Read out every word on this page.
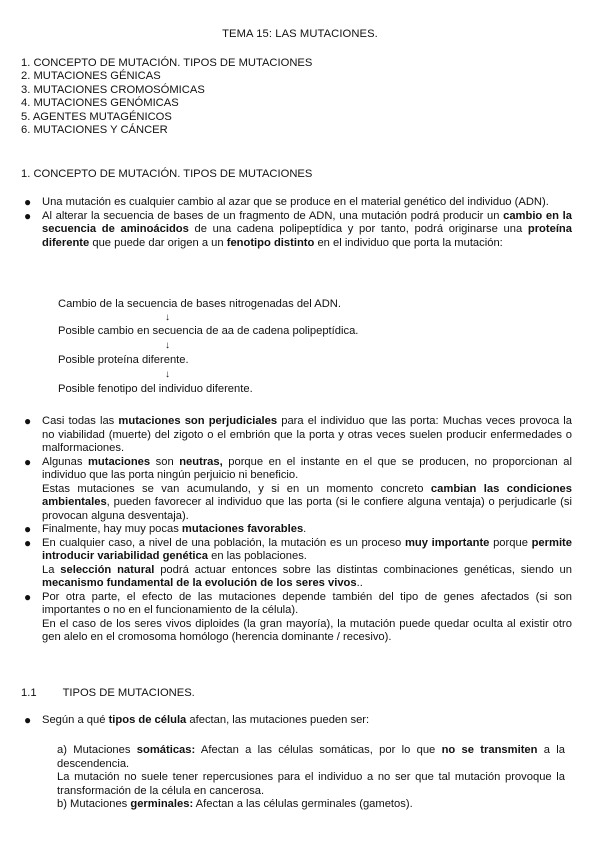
TEMA 15: LAS MUTACIONES.
1. CONCEPTO DE MUTACIÓN. TIPOS DE MUTACIONES
2. MUTACIONES GÉNICAS
3. MUTACIONES CROMOSÓMICAS
4. MUTACIONES GENÓMICAS
5. AGENTES MUTAGÉNICOS
6. MUTACIONES Y CÁNCER
1. CONCEPTO DE MUTACIÓN. TIPOS DE MUTACIONES
● Una mutación es cualquier cambio al azar que se produce en el material genético del individuo (ADN).

● Al alterar la secuencia de bases de un fragmento de ADN, una mutación podrá producir un cambio en la secuencia de aminoácidos de una cadena polipeptídica y por tanto, podrá originarse una proteína diferente que puede dar origen a un fenotipo distinto en el individuo que porta la mutación:

Cambio de la secuencia de bases nitrogenadas del ADN.
↓
Posible cambio en secuencia de aa de cadena polipeptídica.
↓
Posible proteína diferente.
↓
Posible fenotipo del individuo diferente.
● Casi todas las mutaciones son perjudiciales para el individuo que las porta: Muchas veces provoca la no viabilidad (muerte) del zigoto o el embrión que la porta y otras veces suelen producir enfermedades o malformaciones.

● Algunas mutaciones son neutras, porque en el instante en el que se producen, no proporcionan al individuo que las porta ningún perjuicio ni beneficio.

Estas mutaciones se van acumulando, y si en un momento concreto cambian las condiciones ambientales, pueden favorecer al individuo que las porta (si le confiere alguna ventaja) o perjudicarle (si provocan alguna desventaja).

● Finalmente, hay muy pocas mutaciones favorables.

● En cualquier caso, a nivel de una población, la mutación es un proceso muy importante porque permite introducir variabilidad genética en las poblaciones.

La selección natural podrá actuar entonces sobre las distintas combinaciones genéticas, siendo un mecanismo fundamental de la evolución de los seres vivos..

● Por otra parte, el efecto de las mutaciones depende también del tipo de genes afectados (si son importantes o no en el funcionamiento de la célula).

En el caso de los seres vivos diploides (la gran mayoría), la mutación puede quedar oculta al existir otro gen alelo en el cromosoma homólogo (herencia dominante / recesivo).

1.1 TIPOS DE MUTACIONES.
● Según a qué tipos de célula afectan, las mutaciones pueden ser:

a) Mutaciones somáticas: Afectan a las células somáticas, por lo que no se transmiten a la descendencia.

La mutación no suele tener repercusiones para el individuo a no ser que tal mutación provoque la transformación de la célula en cancerosa.

b) Mutaciones germinales: Afectan a las células germinales (gametos).
